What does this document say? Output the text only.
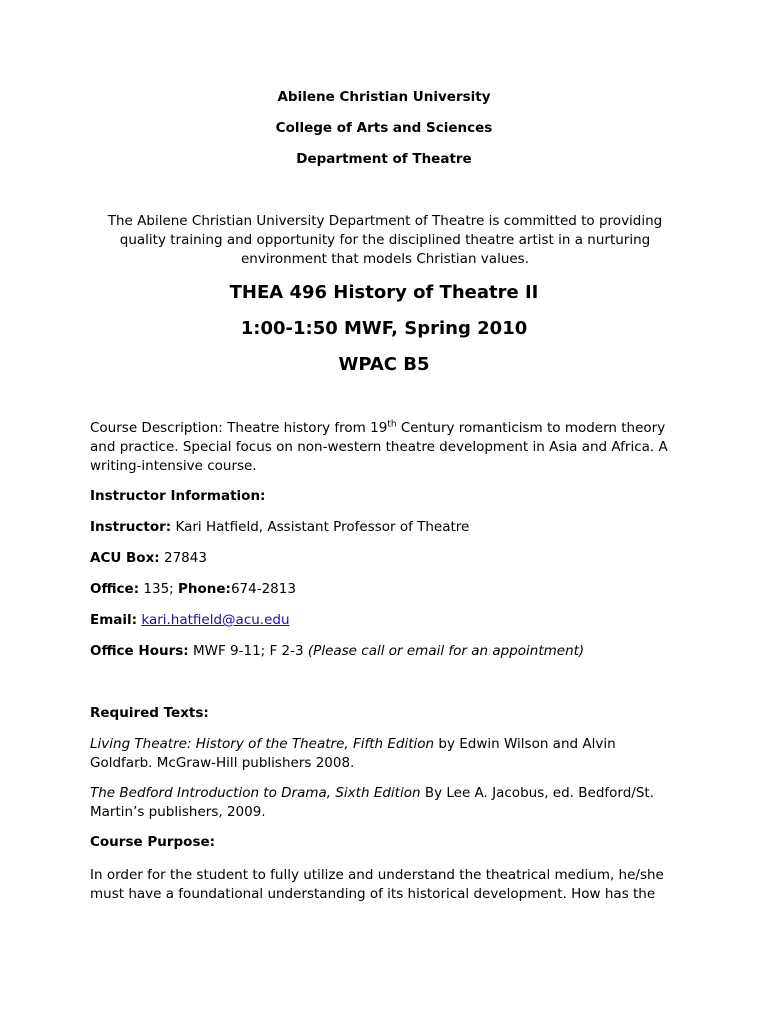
Abilene Christian University
College of Arts and Sciences
Department of Theatre
The Abilene Christian University Department of Theatre is committed to providing quality training and opportunity for the disciplined theatre artist in a nurturing environment that models Christian values.
THEA 496 History of Theatre II
1:00-1:50 MWF, Spring 2010
WPAC B5
Course Description: Theatre history from 19th Century romanticism to modern theory and practice. Special focus on non-western theatre development in Asia and Africa. A writing-intensive course.
Instructor Information:
Instructor: Kari Hatfield, Assistant Professor of Theatre
ACU Box: 27843
Office: 135; Phone:674-2813
Email: kari.hatfield@acu.edu
Office Hours: MWF 9-11; F 2-3 (Please call or email for an appointment)
Required Texts:
Living Theatre: History of the Theatre, Fifth Edition by Edwin Wilson and Alvin Goldfarb. McGraw-Hill publishers 2008.
The Bedford Introduction to Drama, Sixth Edition By Lee A. Jacobus, ed. Bedford/St. Martin’s publishers, 2009.
Course Purpose:
In order for the student to fully utilize and understand the theatrical medium, he/she must have a foundational understanding of its historical development. How has the
